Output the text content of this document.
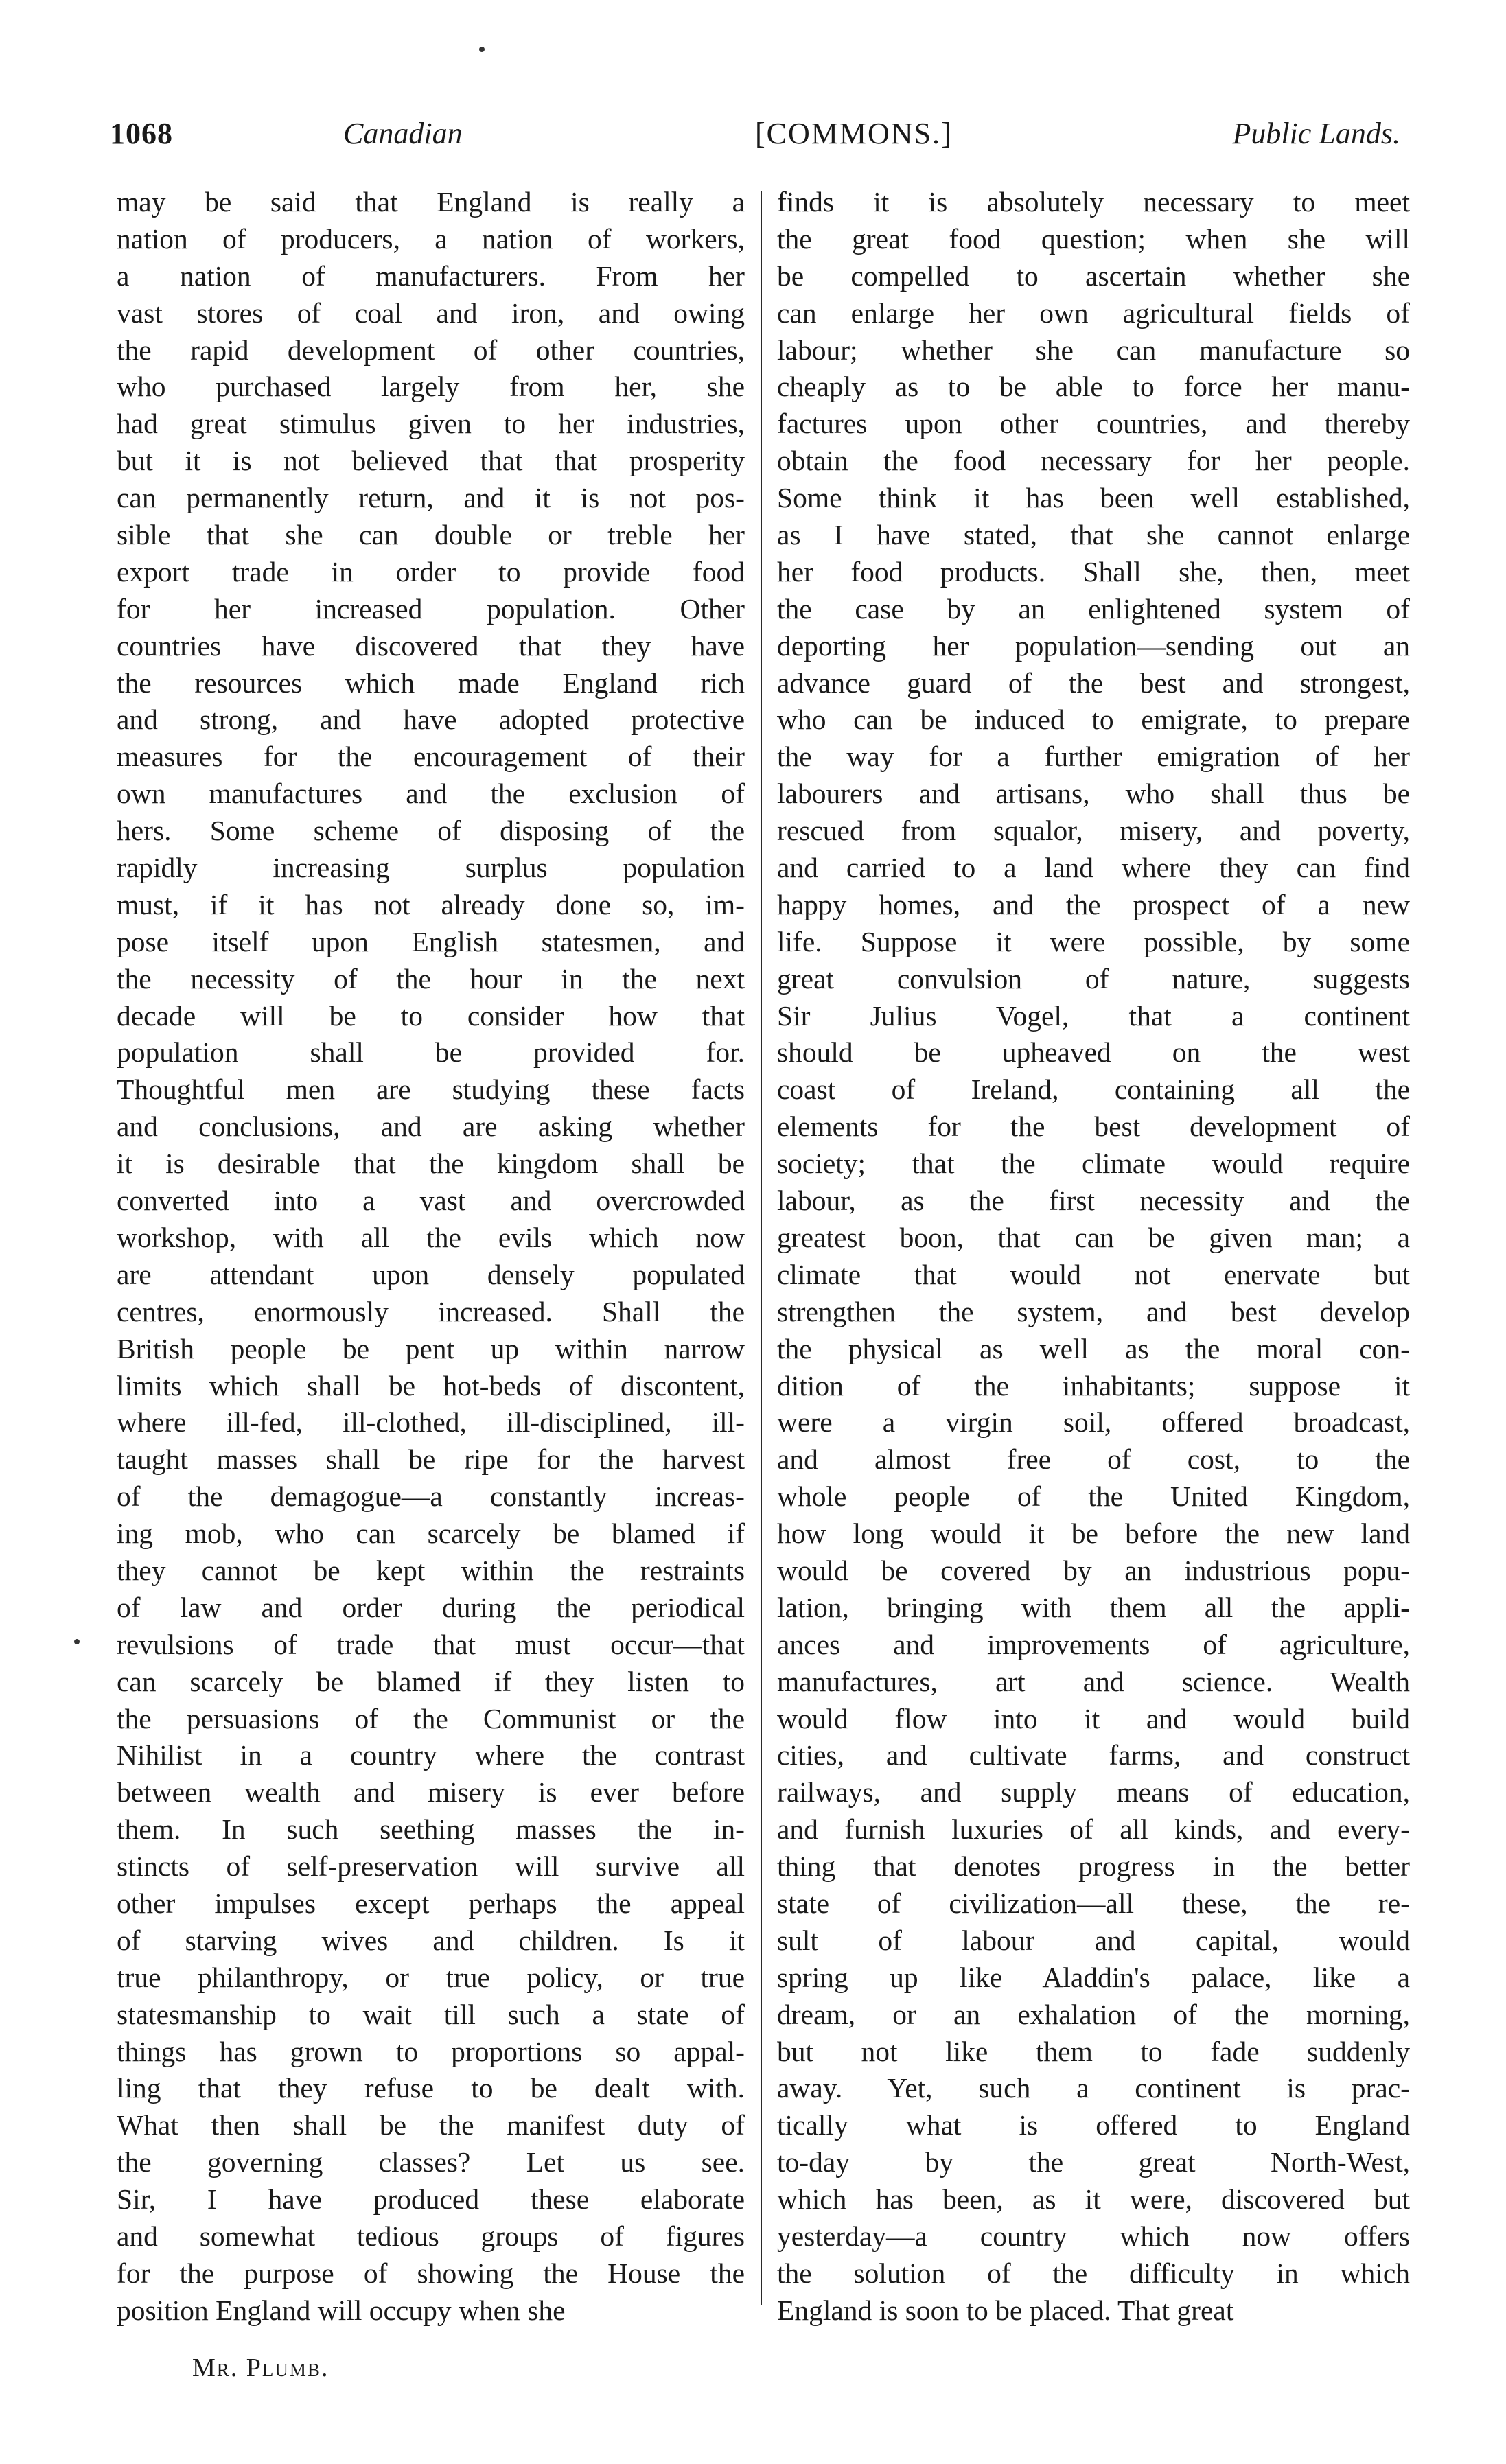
1068	Canadian	[COMMONS.]	Public Lands.
may be said that England is really a
nation of producers, a nation of workers,
a nation of manufacturers. From her
vast stores of coal and iron, and owing
the rapid development of other countries,
who purchased largely from her, she
had great stimulus given to her industries,
but it is not believed that that prosperity
can permanently return, and it is not pos-
sible that she can double or treble her
export trade in order to provide food
for her increased population. Other
countries have discovered that they have
the resources which made England rich
and strong, and have adopted protective
measures for the encouragement of their
own manufactures and the exclusion of
hers. Some scheme of disposing of the
rapidly increasing surplus population
must, if it has not already done so, im-
pose itself upon English statesmen, and
the necessity of the hour in the next
decade will be to consider how that
population shall be provided for.
Thoughtful men are studying these facts
and conclusions, and are asking whether
it is desirable that the kingdom shall be
converted into a vast and overcrowded
workshop, with all the evils which now
are attendant upon densely populated
centres, enormously increased. Shall the
British people be pent up within narrow
limits which shall be hot-beds of discontent,
where ill-fed, ill-clothed, ill-disciplined, ill-
taught masses shall be ripe for the harvest
of the demagogue—a constantly increas-
ing mob, who can scarcely be blamed if
they cannot be kept within the restraints
of law and order during the periodical
revulsions of trade that must occur—that
can scarcely be blamed if they listen to
the persuasions of the Communist or the
Nihilist in a country where the contrast
between wealth and misery is ever before
them. In such seething masses the in-
stincts of self-preservation will survive all
other impulses except perhaps the appeal
of starving wives and children. Is it
true philanthropy, or true policy, or true
statesmanship to wait till such a state of
things has grown to proportions so appal-
ling that they refuse to be dealt with.
What then shall be the manifest duty of
the governing classes? Let us see.
Sir, I have produced these elaborate
and somewhat tedious groups of figures
for the purpose of showing the House the
position England will occupy when she
finds it is absolutely necessary to meet
the great food question; when she will
be compelled to ascertain whether she
can enlarge her own agricultural fields of
labour; whether she can manufacture so
cheaply as to be able to force her manu-
factures upon other countries, and thereby
obtain the food necessary for her people.
Some think it has been well established,
as I have stated, that she cannot enlarge
her food products. Shall she, then, meet
the case by an enlightened system of
deporting her population—sending out an
advance guard of the best and strongest,
who can be induced to emigrate, to prepare
the way for a further emigration of her
labourers and artisans, who shall thus be
rescued from squalor, misery, and poverty,
and carried to a land where they can find
happy homes, and the prospect of a new
life. Suppose it were possible, by some
great convulsion of nature, suggests
Sir Julius Vogel, that a continent
should be upheaved on the west
coast of Ireland, containing all the
elements for the best development of
society; that the climate would require
labour, as the first necessity and the
greatest boon, that can be given man; a
climate that would not enervate but
strengthen the system, and best develop
the physical as well as the moral con-
dition of the inhabitants; suppose it
were a virgin soil, offered broadcast,
and almost free of cost, to the
whole people of the United Kingdom,
how long would it be before the new land
would be covered by an industrious popu-
lation, bringing with them all the appli-
ances and improvements of agriculture,
manufactures, art and science. Wealth
would flow into it and would build
cities, and cultivate farms, and construct
railways, and supply means of education,
and furnish luxuries of all kinds, and every-
thing that denotes progress in the better
state of civilization—all these, the re-
sult of labour and capital, would
spring up like Aladdin's palace, like a
dream, or an exhalation of the morning,
but not like them to fade suddenly
away. Yet, such a continent is prac-
tically what is offered to England
to-day by the great North-West,
which has been, as it were, discovered but
yesterday—a country which now offers
the solution of the difficulty in which
England is soon to be placed. That great
Mr. Plumb.
